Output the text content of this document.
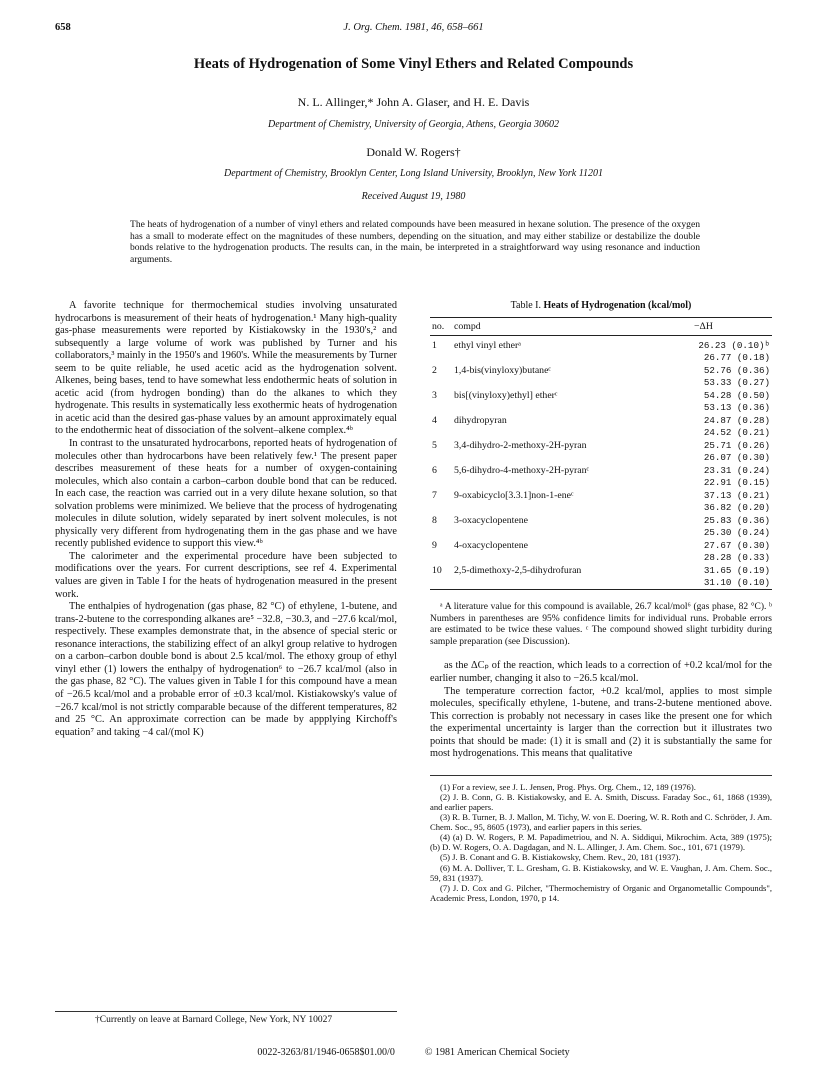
658	J. Org. Chem. 1981, 46, 658–661
Heats of Hydrogenation of Some Vinyl Ethers and Related Compounds
N. L. Allinger,* John A. Glaser, and H. E. Davis
Department of Chemistry, University of Georgia, Athens, Georgia 30602
Donald W. Rogers†
Department of Chemistry, Brooklyn Center, Long Island University, Brooklyn, New York 11201
Received August 19, 1980
The heats of hydrogenation of a number of vinyl ethers and related compounds have been measured in hexane solution. The presence of the oxygen has a small to moderate effect on the magnitudes of these numbers, depending on the situation, and may either stabilize or destabilize the double bonds relative to the hydrogenation products. The results can, in the main, be interpreted in a straightforward way using resonance and induction arguments.

A favorite technique for thermochemical studies involving unsaturated hydrocarbons is measurement of their heats of hydrogenation.¹ Many high-quality gas-phase measurements were reported by Kistiakowsky in the 1930's,² and subsequently a large volume of work was published by Turner and his collaborators,³ mainly in the 1950's and 1960's. While the measurements by Turner seem to be quite reliable, he used acetic acid as the hydrogenation solvent. Alkenes, being bases, tend to have somewhat less endothermic heats of solution in acetic acid (from hydrogen bonding) than do the alkanes to which they hydrogenate. This results in systematically less exothermic heats of hydrogenation in acetic acid than the desired gas-phase values by an amount approximately equal to the endothermic heat of dissociation of the solvent–alkene complex.⁴ᵇ

In contrast to the unsaturated hydrocarbons, reported heats of hydrogenation of molecules other than hydrocarbons have been relatively few.¹ The present paper describes measurement of these heats for a number of oxygen-containing molecules, which also contain a carbon–carbon double bond that can be reduced. In each case, the reaction was carried out in a very dilute hexane solution, so that solvation problems were minimized. We believe that the process of hydrogenating molecules in dilute solution, widely separated by inert solvent molecules, is not physically very different from hydrogenating them in the gas phase and we have recently published evidence to support this view.⁴ᵇ

The calorimeter and the experimental procedure have been subjected to modifications over the years. For current descriptions, see ref 4. Experimental values are given in Table I for the heats of hydrogenation measured in the present work.

The enthalpies of hydrogenation (gas phase, 82 °C) of ethylene, 1-butene, and trans-2-butene to the corresponding alkanes are⁵ −32.8, −30.3, and −27.6 kcal/mol, respectively. These examples demonstrate that, in the absence of special steric or resonance interactions, the stabilizing effect of an alkyl group relative to hydrogen on a carbon–carbon double bond is about 2.5 kcal/mol. The ethoxy group of ethyl vinyl ether (1) lowers the enthalpy of hydrogenation⁶ to −26.7 kcal/mol (also in the gas phase, 82 °C). The values given in Table I for this compound have a mean of −26.5 kcal/mol and a probable error of ±0.3 kcal/mol. Kistiakowsky's value of −26.7 kcal/mol is not strictly comparable because of the different temperatures, 82 and 25 °C. An approximate correction can be made by appplying Kirchoff's equation⁷ and taking −4 cal/(mol K)

†Currently on leave at Barnard College, New York, NY 10027
Table I. Heats of Hydrogenation (kcal/mol)
no.	compd	−ΔH
1	ethyl vinyl etherᵃ	26.23 (0.10)ᵇ
26.77 (0.18)

2	1,4-bis(vinyloxy)butaneᶜ	52.76 (0.36)
53.33 (0.27)

3	bis[(vinyloxy)ethyl] etherᶜ	54.28 (0.50)
53.13 (0.36)

4	dihydropyran	24.87 (0.28)
24.52 (0.21)

5	3,4-dihydro-2-methoxy-2H-pyran	25.71 (0.26)
26.07 (0.30)

6	5,6-dihydro-4-methoxy-2H-pyranᶜ	23.31 (0.24)
22.91 (0.15)

7	9-oxabicyclo[3.3.1]non-1-eneᶜ	37.13 (0.21)
36.82 (0.20)

8	3-oxacyclopentene	25.83 (0.36)
25.30 (0.24)

9	4-oxacyclopentene	27.67 (0.30)
28.28 (0.33)

10	2,5-dimethoxy-2,5-dihydrofuran	31.65 (0.19)
31.10 (0.10)

ᵃ A literature value for this compound is available, 26.7 kcal/mol⁶ (gas phase, 82 °C). ᵇ Numbers in parentheses are 95% confidence limits for individual runs. Probable errors are estimated to be twice these values. ᶜ The compound showed slight turbidity during sample preparation (see Discussion).

as the ΔCₚ of the reaction, which leads to a correction of +0.2 kcal/mol for the earlier number, changing it also to −26.5 kcal/mol.

The temperature correction factor, +0.2 kcal/mol, applies to most simple molecules, specifically ethylene, 1-butene, and trans-2-butene mentioned above. This correction is probably not necessary in cases like the present one for which the experimental uncertainty is larger than the correction but it illustrates two points that should be made: (1) it is small and (2) it is substantially the same for most hydrogenations. This means that qualitative

(1) For a review, see J. L. Jensen, Prog. Phys. Org. Chem., 12, 189 (1976).

(2) J. B. Conn, G. B. Kistiakowsky, and E. A. Smith, Discuss. Faraday Soc., 61, 1868 (1939), and earlier papers.

(3) R. B. Turner, B. J. Mallon, M. Tichy, W. von E. Doering, W. R. Roth and C. Schröder, J. Am. Chem. Soc., 95, 8605 (1973), and earlier papers in this series.

(4) (a) D. W. Rogers, P. M. Papadimetriou, and N. A. Siddiqui, Mikrochim. Acta, 389 (1975); (b) D. W. Rogers, O. A. Dagdagan, and N. L. Allinger, J. Am. Chem. Soc., 101, 671 (1979).

(5) J. B. Conant and G. B. Kistiakowsky, Chem. Rev., 20, 181 (1937).

(6) M. A. Dolliver, T. L. Gresham, G. B. Kistiakowsky, and W. E. Vaughan, J. Am. Chem. Soc., 59, 831 (1937).

(7) J. D. Cox and G. Pilcher, "Thermochemistry of Organic and Organometallic Compounds", Academic Press, London, 1970, p 14.

0022-3263/81/1946-0658$01.00/0	© 1981 American Chemical Society
